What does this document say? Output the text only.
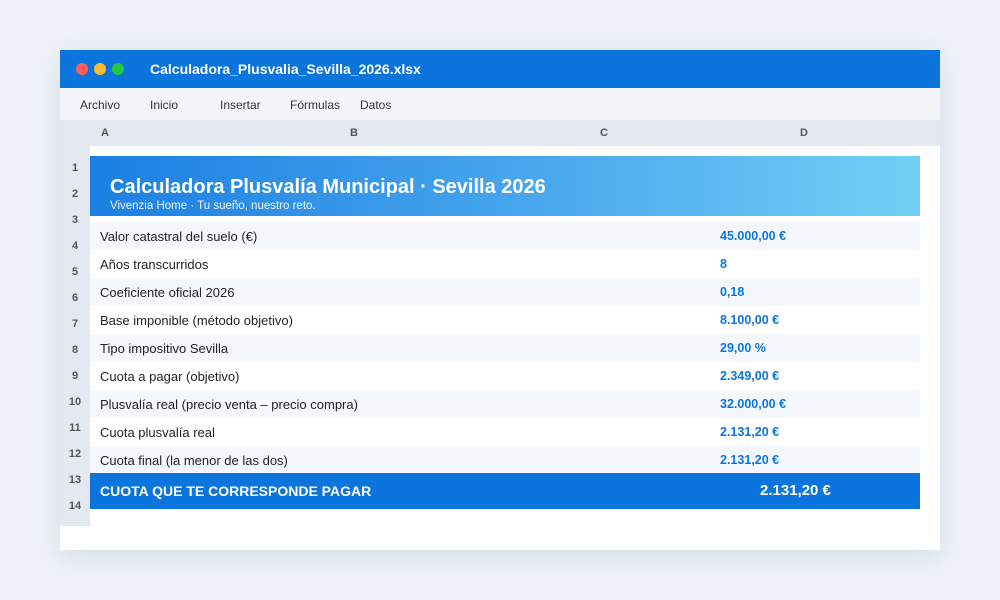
Calculadora_Plusvalia_Sevilla_2026.xlsx
Archivo Inicio	Insertar Fórmulas Datos
A	B	C	D
1
2
3
4
5
6
7
8
9
10
11
12
13
14
Calculadora Plusvalía Municipal · Sevilla 2026
Vivenzia Home · Tu sueño, nuestro reto.
Valor catastral del suelo (€)	45.000,00 €
Años transcurridos	8
Coeficiente oficial 2026	0,18
Base imponible (método objetivo)	8.100,00 €
Tipo impositivo Sevilla	29,00 %
Cuota a pagar (objetivo)	2.349,00 €
Plusvalía real (precio venta – precio compra)	32.000,00 €
Cuota plusvalía real	2.131,20 €
Cuota final (la menor de las dos)	2.131,20 €
CUOTA QUE TE CORRESPONDE PAGAR	2.131,20 €
